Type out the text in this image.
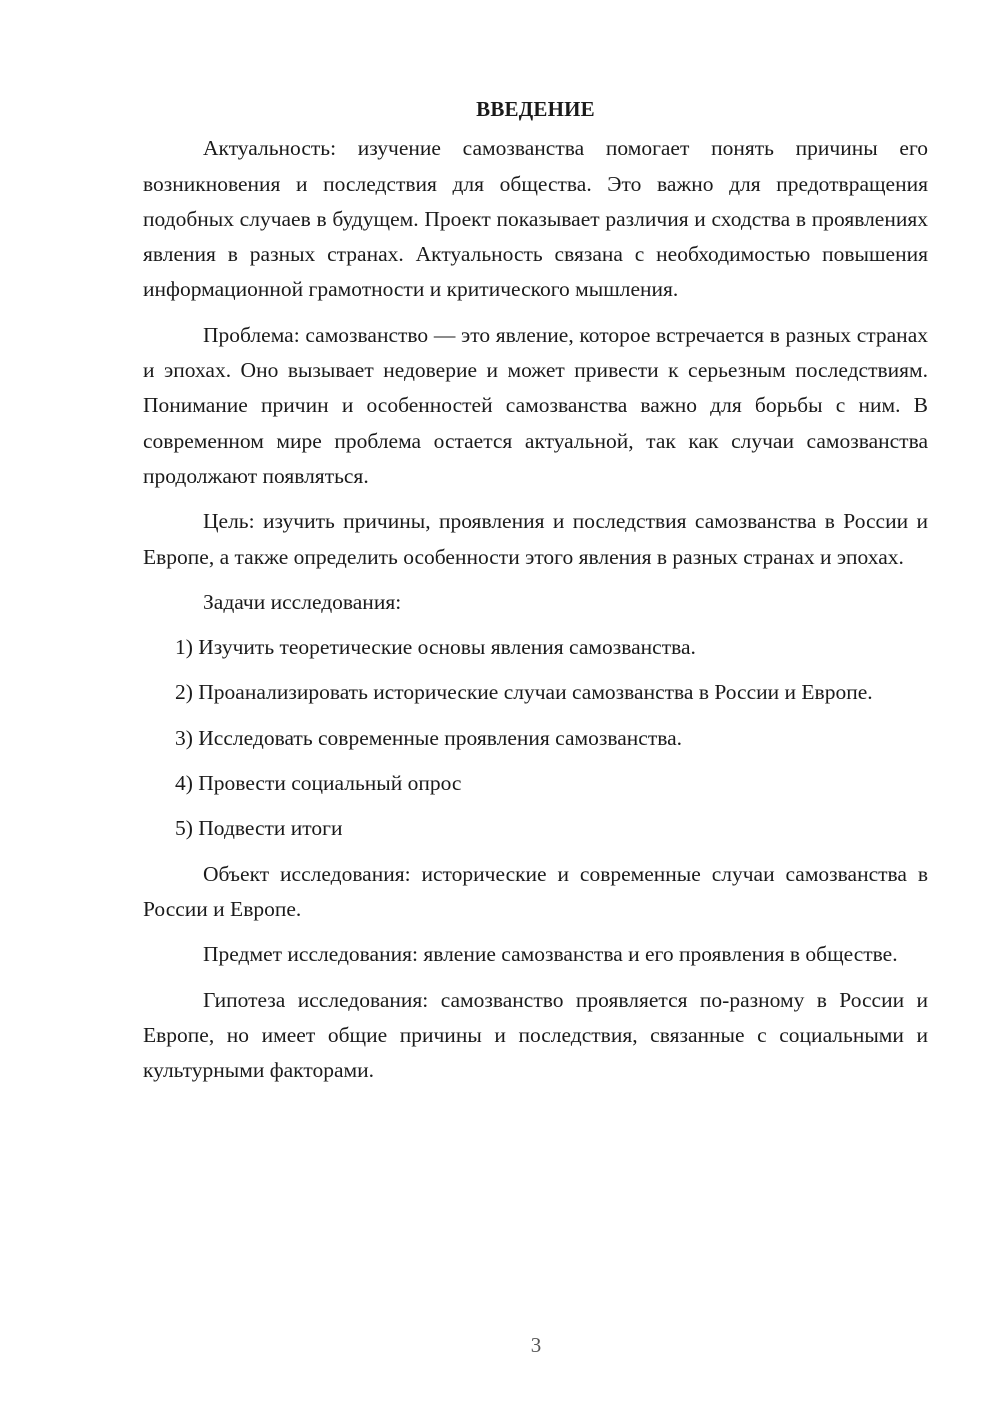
ВВЕДЕНИЕ

Актуальность: изучение самозванства помогает понять причины его возникновения и последствия для общества. Это важно для предотвращения подобных случаев в будущем. Проект показывает различия и сходства в проявлениях явления в разных странах. Актуальность связана с необходимостью повышения информационной грамотности и критического мышления.

Проблема: самозванство — это явление, которое встречается в разных странах и эпохах. Оно вызывает недоверие и может привести к серьезным последствиям. Понимание причин и особенностей самозванства важно для борьбы с ним. В современном мире проблема остается актуальной, так как случаи самозванства продолжают появляться.

Цель: изучить причины, проявления и последствия самозванства в России и Европе, а также определить особенности этого явления в разных странах и эпохах.

Задачи исследования:

1) Изучить теоретические основы явления самозванства.

2) Проанализировать исторические случаи самозванства в России и Европе.

3) Исследовать современные проявления самозванства.

4) Провести социальный опрос

5) Подвести итоги

Объект исследования: исторические и современные случаи самозванства в России и Европе.

Предмет исследования: явление самозванства и его проявления в обществе.

Гипотеза исследования: самозванство проявляется по-разному в России и Европе, но имеет общие причины и последствия, связанные с социальными и культурными факторами.

3
